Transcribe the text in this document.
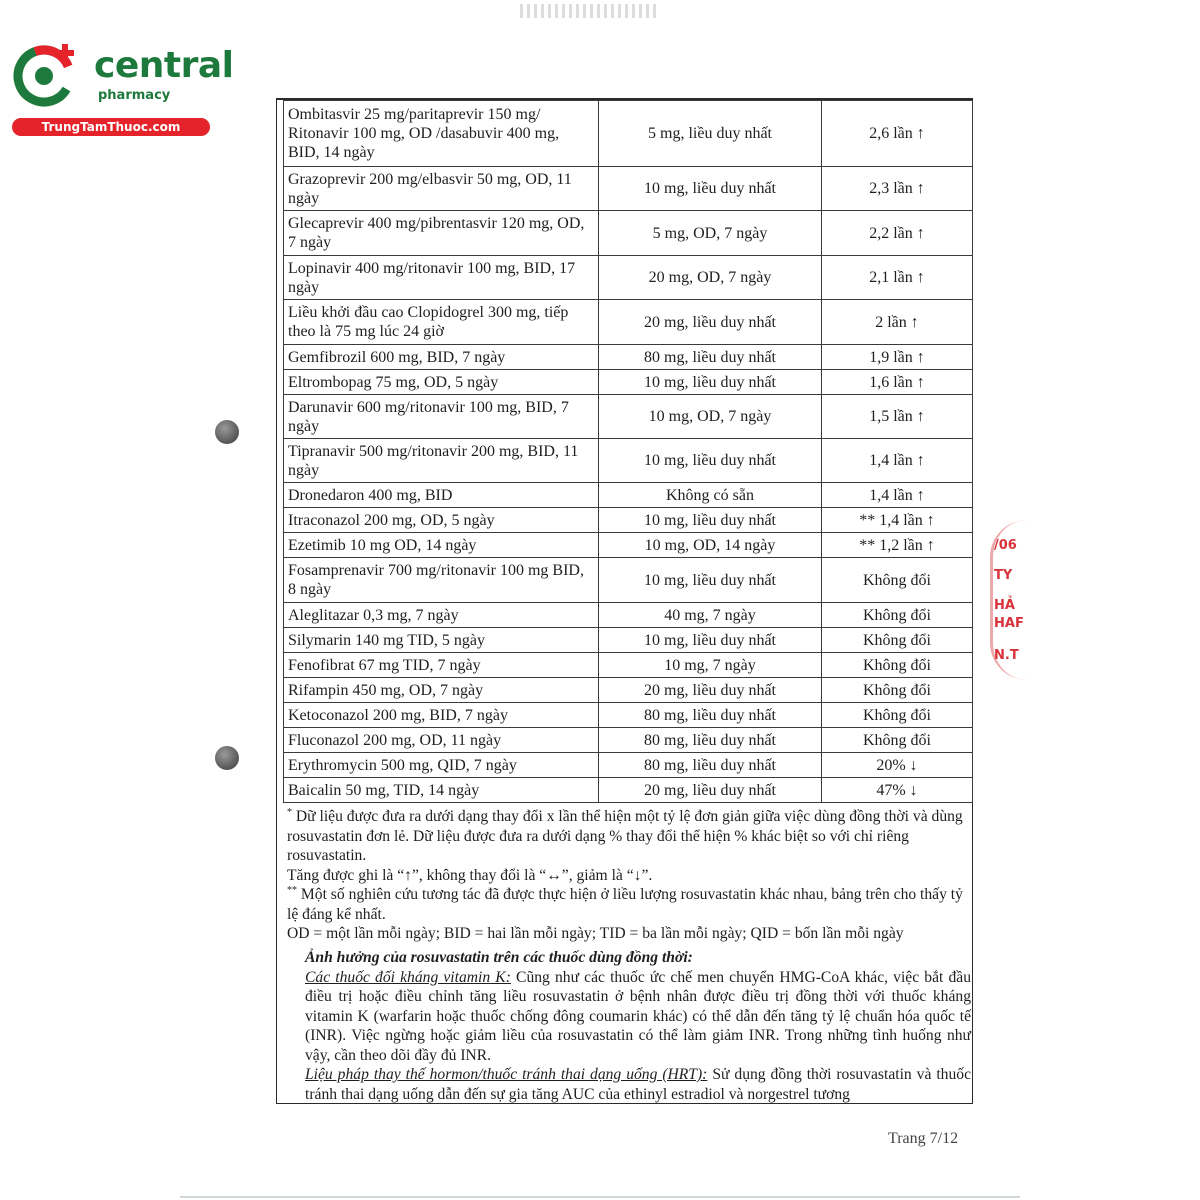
central
pharmacy
TrungTamThuoc.com
/06
TY
HẢ
HAF
N.T
Ombitasvir 25 mg/paritaprevir 150 mg/ Ritonavir 100 mg, OD /dasabuvir 400 mg, BID, 14 ngày	5 mg, liều duy nhất	2,6 lần ↑
Grazoprevir 200 mg/elbasvir 50 mg, OD, 11 ngày	10 mg, liều duy nhất	2,3 lần ↑
Glecaprevir 400 mg/pibrentasvir 120 mg, OD, 7 ngày	5 mg, OD, 7 ngày	2,2 lần ↑
Lopinavir 400 mg/ritonavir 100 mg, BID, 17 ngày	20 mg, OD, 7 ngày	2,1 lần ↑
Liều khởi đầu cao Clopidogrel 300 mg, tiếp theo là 75 mg lúc 24 giờ	20 mg, liều duy nhất	2 lần ↑
Gemfibrozil 600 mg, BID, 7 ngày	80 mg, liều duy nhất	1,9 lần ↑
Eltrombopag 75 mg, OD, 5 ngày	10 mg, liều duy nhất	1,6 lần ↑
Darunavir 600 mg/ritonavir 100 mg, BID, 7 ngày	10 mg, OD, 7 ngày	1,5 lần ↑
Tipranavir 500 mg/ritonavir 200 mg, BID, 11 ngày	10 mg, liều duy nhất	1,4 lần ↑
Dronedaron 400 mg, BID	Không có sẵn	1,4 lần ↑
Itraconazol 200 mg, OD, 5 ngày	10 mg, liều duy nhất	** 1,4 lần ↑
Ezetimib 10 mg OD, 14 ngày	10 mg, OD, 14 ngày	** 1,2 lần ↑
Fosamprenavir 700 mg/ritonavir 100 mg BID, 8 ngày	10 mg, liều duy nhất	Không đổi
Aleglitazar 0,3 mg, 7 ngày	40 mg, 7 ngày	Không đổi
Silymarin 140 mg TID, 5 ngày	10 mg, liều duy nhất	Không đổi
Fenofibrat 67 mg TID, 7 ngày	10 mg, 7 ngày	Không đổi
Rifampin 450 mg, OD, 7 ngày	20 mg, liều duy nhất	Không đổi
Ketoconazol 200 mg, BID, 7 ngày	80 mg, liều duy nhất	Không đổi
Fluconazol 200 mg, OD, 11 ngày	80 mg, liều duy nhất	Không đổi
Erythromycin 500 mg, QID, 7 ngày	80 mg, liều duy nhất	20% ↓
Baicalin 50 mg, TID, 14 ngày	20 mg, liều duy nhất	47% ↓

* Dữ liệu được đưa ra dưới dạng thay đổi x lần thể hiện một tỷ lệ đơn giản giữa việc dùng đồng thời và dùng rosuvastatin đơn lẻ. Dữ liệu được đưa ra dưới dạng % thay đổi thể hiện % khác biệt so với chỉ riêng rosuvastatin.

Tăng được ghi là “↑”, không thay đổi là “↔”, giảm là “↓”.

** Một số nghiên cứu tương tác đã được thực hiện ở liều lượng rosuvastatin khác nhau, bảng trên cho thấy tỷ lệ đáng kể nhất.

OD = một lần mỗi ngày; BID = hai lần mỗi ngày; TID = ba lần mỗi ngày; QID = bốn lần mỗi ngày

Ảnh hưởng của rosuvastatin trên các thuốc dùng đồng thời:

Các thuốc đối kháng vitamin K: Cũng như các thuốc ức chế men chuyển HMG-CoA khác, việc bắt đầu điều trị hoặc điều chỉnh tăng liều rosuvastatin ở bệnh nhân được điều trị đồng thời với thuốc kháng vitamin K (warfarin hoặc thuốc chống đông coumarin khác) có thể dẫn đến tăng tỷ lệ chuẩn hóa quốc tế (INR). Việc ngừng hoặc giảm liều của rosuvastatin có thể làm giảm INR. Trong những tình huống như vậy, cần theo dõi đầy đủ INR.

Liệu pháp thay thế hormon/thuốc tránh thai dạng uống (HRT): Sử dụng đồng thời rosuvastatin và thuốc tránh thai dạng uống dẫn đến sự gia tăng AUC của ethinyl estradiol và norgestrel tương

Trang 7/12
